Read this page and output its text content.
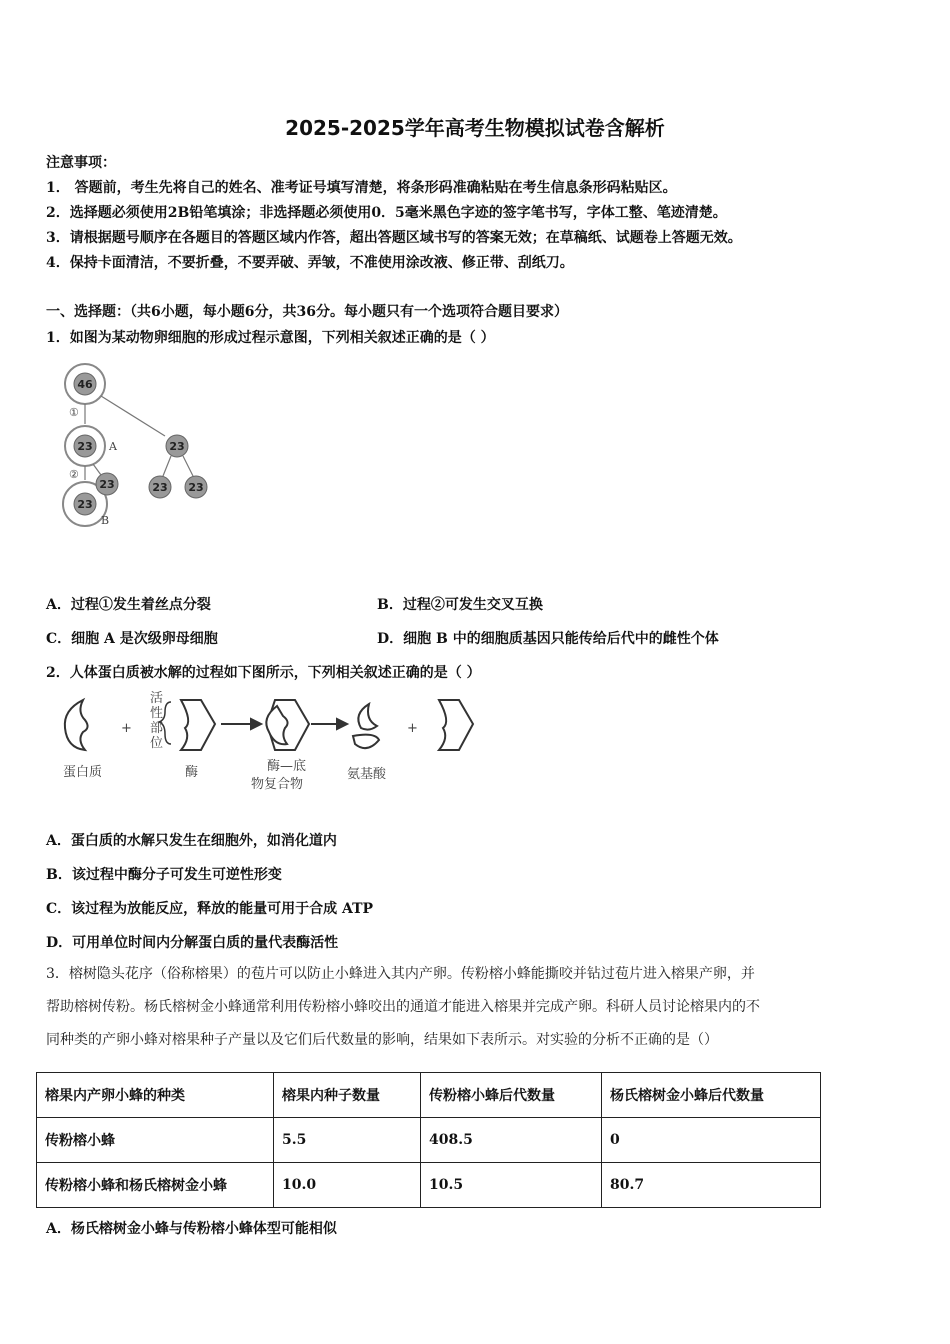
2025-2025学年高考生物模拟试卷含解析
注意事项：
1． 答题前，考生先将自己的姓名、准考证号填写清楚，将条形码准确粘贴在考生信息条形码粘贴区。
2．选择题必须使用2B铅笔填涂；非选择题必须使用0．5毫米黑色字迹的签字笔书写，字体工整、笔迹清楚。
3．请根据题号顺序在各题目的答题区域内作答，超出答题区域书写的答案无效；在草稿纸、试题卷上答题无效。
4．保持卡面清洁，不要折叠，不要弄破、弄皱，不准使用涂改液、修正带、刮纸刀。
一、选择题：（共6小题，每小题6分，共36分。每小题只有一个选项符合题目要求）
1．如图为某动物卵细胞的形成过程示意图，下列相关叙述正确的是（ ）
46
23	23
23
23
23 23
①
②
A
B
A．过程①发生着丝点分裂	B．过程②可发生交叉互换
C．细胞 A 是次级卵母细胞	D．细胞 B 中的细胞质基因只能传给后代中的雌性个体
2．人体蛋白质被水解的过程如下图所示，下列相关叙述正确的是（ ）
+	+
活
性
部
位
蛋白质	酶	酶—底
物复合物
氨基酸
A．蛋白质的水解只发生在细胞外，如消化道内
B．该过程中酶分子可发生可逆性形变
C．该过程为放能反应，释放的能量可用于合成 ATP
D．可用单位时间内分解蛋白质的量代表酶活性
3．榕树隐头花序（俗称榕果）的苞片可以防止小蜂进入其内产卵。传粉榕小蜂能撕咬并钻过苞片进入榕果产卵，并
帮助榕树传粉。杨氏榕树金小蜂通常利用传粉榕小蜂咬出的通道才能进入榕果并完成产卵。科研人员讨论榕果内的不
同种类的产卵小蜂对榕果种子产量以及它们后代数量的影响，结果如下表所示。对实验的分析不正确的是（）
榕果内产卵小蜂的种类	榕果内种子数量	传粉榕小蜂后代数量	杨氏榕树金小蜂后代数量
传粉榕小蜂	5.5	408.5	0
传粉榕小蜂和杨氏榕树金小蜂	10.0	10.5	80.7
A．杨氏榕树金小蜂与传粉榕小蜂体型可能相似
